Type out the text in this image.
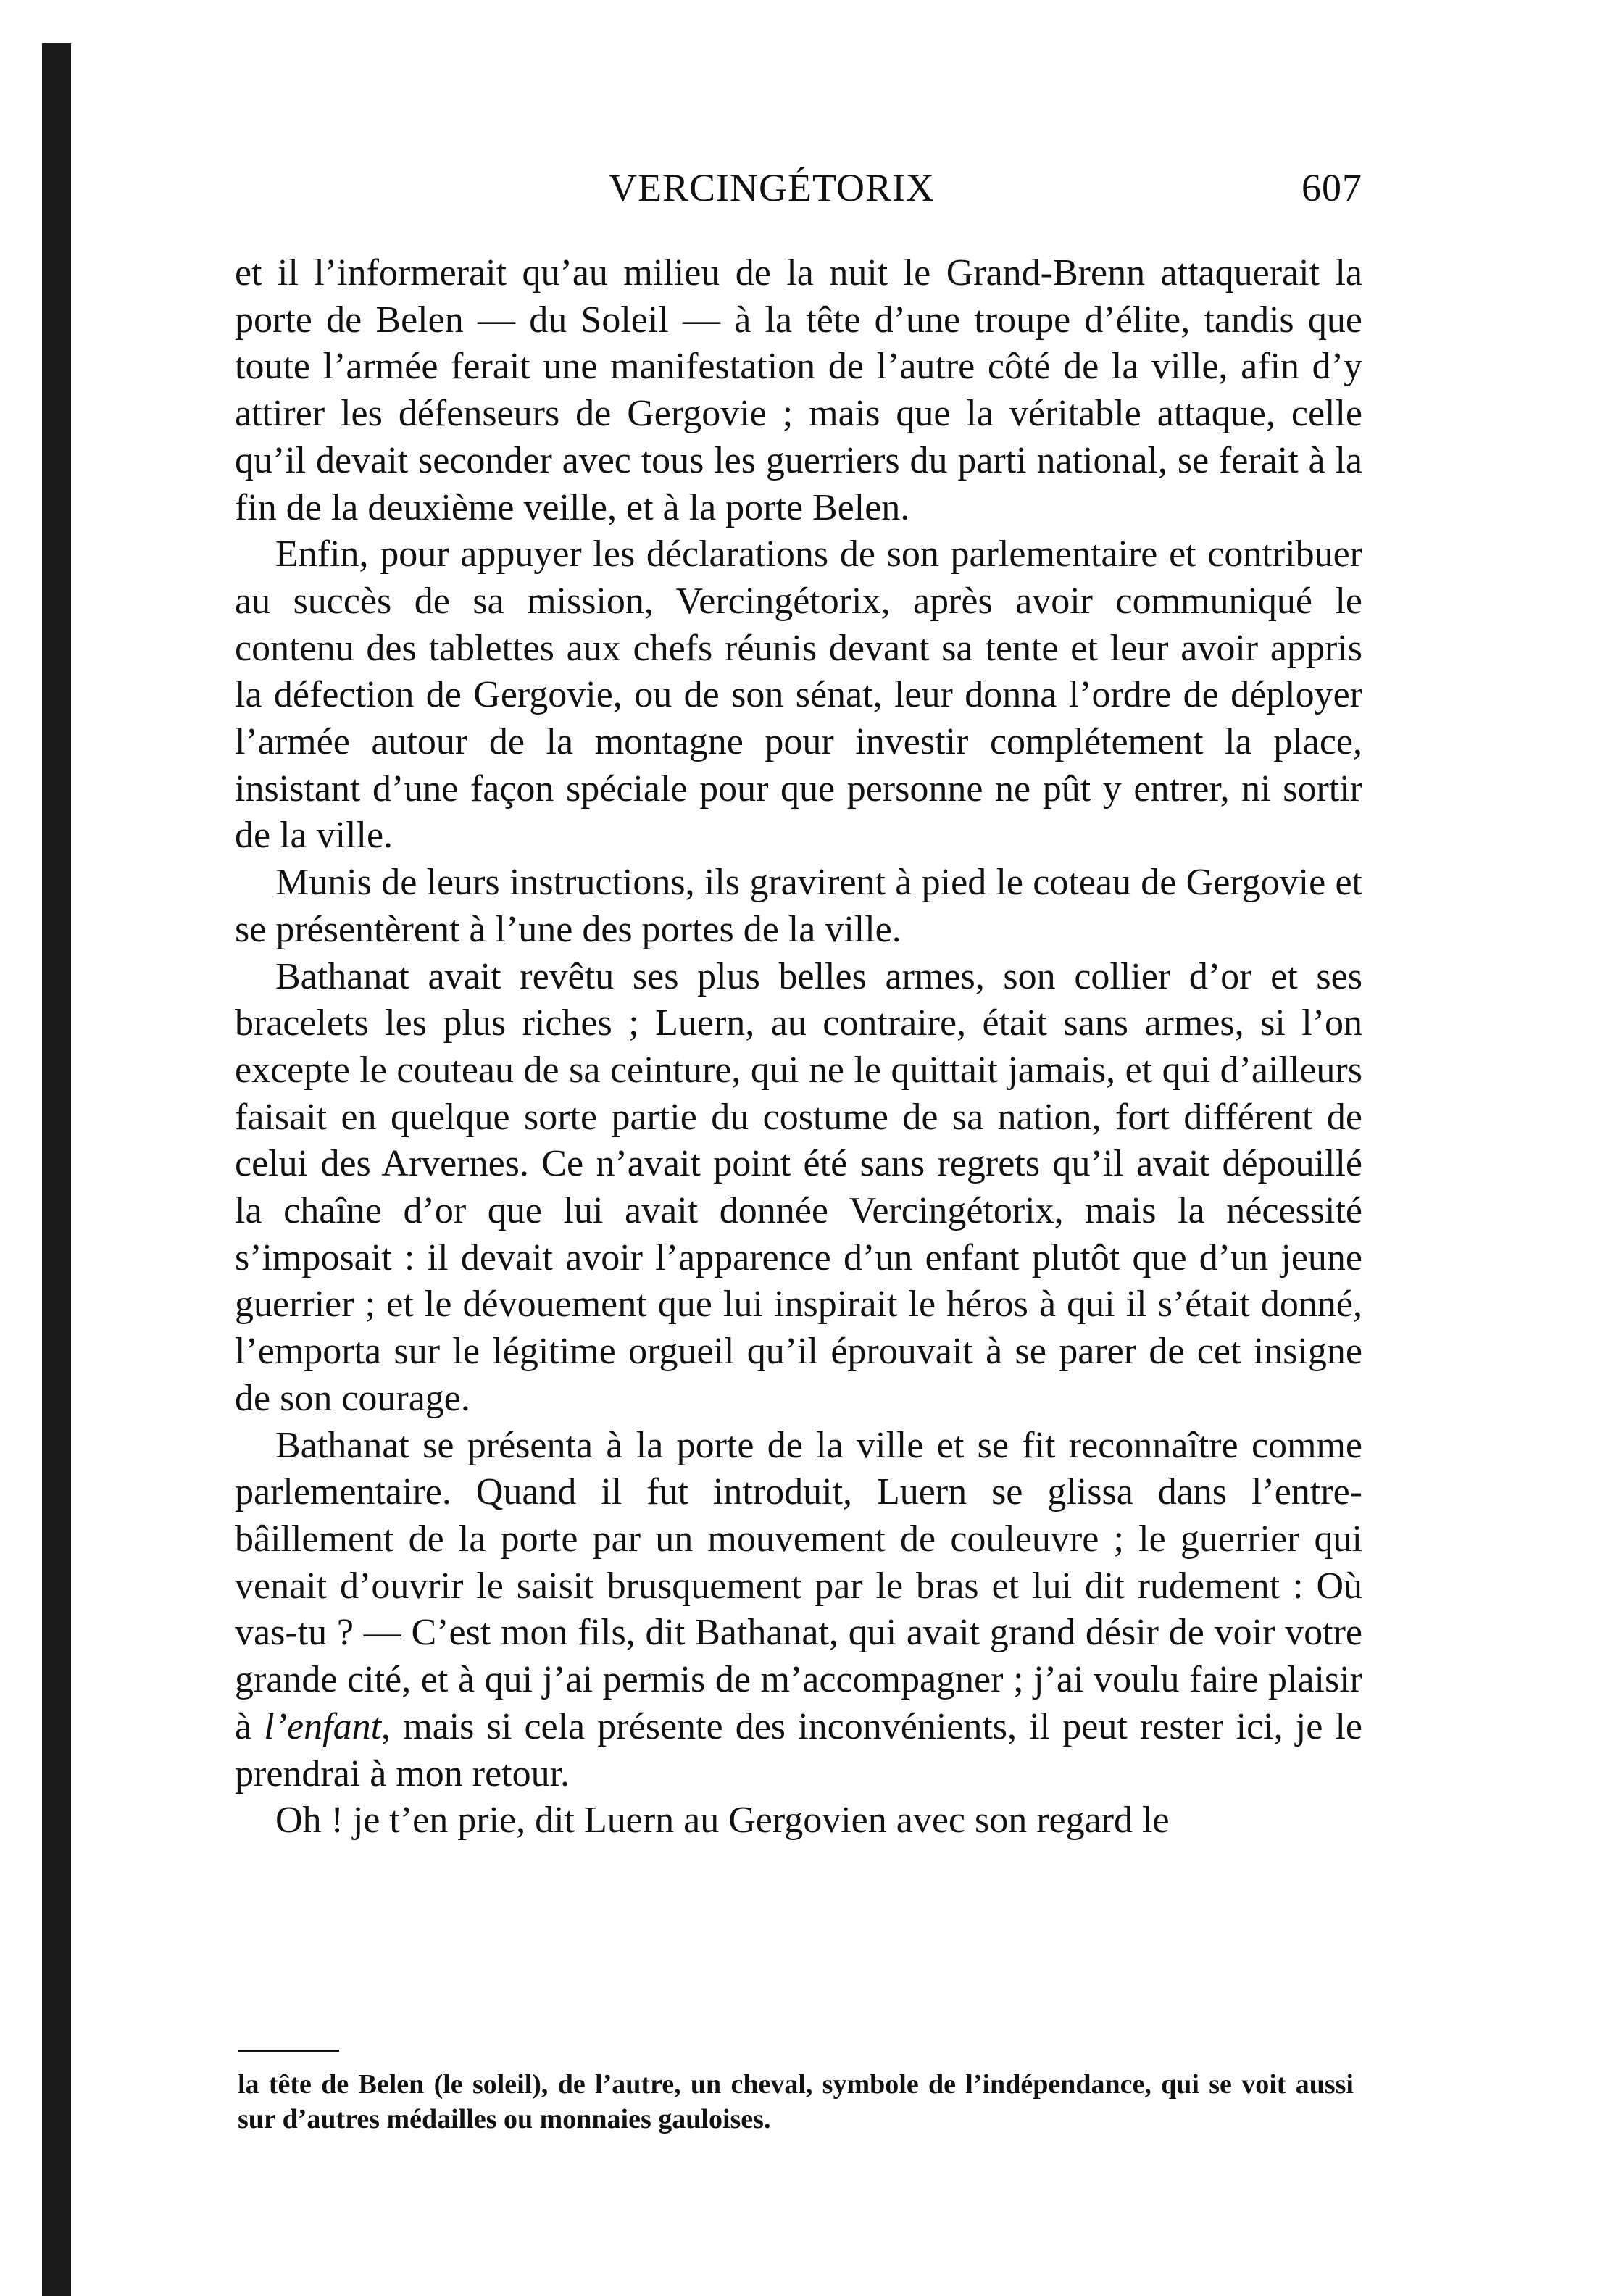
VERCINGÉTORIX	607

et il l’informerait qu’au milieu de la nuit le Grand-Brenn attaquerait la porte de Belen — du Soleil — à la tête d’une troupe d’élite, tandis que toute l’armée ferait une manifestation de l’autre côté de la ville, afin d’y attirer les défenseurs de Gergovie ; mais que la véritable attaque, celle qu’il devait seconder avec tous les guerriers du parti national, se ferait à la fin de la deuxième veille, et à la porte Belen.

Enfin, pour appuyer les déclarations de son parlementaire et contribuer au succès de sa mission, Vercingétorix, après avoir communiqué le contenu des tablettes aux chefs réunis devant sa tente et leur avoir appris la défection de Gergovie, ou de son sénat, leur donna l’ordre de déployer l’armée autour de la montagne pour investir complétement la place, insistant d’une façon spéciale pour que personne ne pût y entrer, ni sortir de la ville.

Munis de leurs instructions, ils gravirent à pied le coteau de Gergovie et se présentèrent à l’une des portes de la ville.

Bathanat avait revêtu ses plus belles armes, son collier d’or et ses bracelets les plus riches ; Luern, au contraire, était sans armes, si l’on excepte le couteau de sa ceinture, qui ne le quittait jamais, et qui d’ailleurs faisait en quelque sorte partie du costume de sa nation, fort différent de celui des Arvernes. Ce n’avait point été sans regrets qu’il avait dépouillé la chaîne d’or que lui avait donnée Vercingétorix, mais la nécessité s’imposait : il devait avoir l’apparence d’un enfant plutôt que d’un jeune guerrier ; et le dévouement que lui inspirait le héros à qui il s’était donné, l’emporta sur le légitime orgueil qu’il éprouvait à se parer de cet insigne de son courage.

Bathanat se présenta à la porte de la ville et se fit reconnaître comme parlementaire. Quand il fut introduit, Luern se glissa dans l’entre-bâillement de la porte par un mouvement de couleuvre ; le guerrier qui venait d’ouvrir le saisit brusquement par le bras et lui dit rudement : Où vas-tu ? — C’est mon fils, dit Bathanat, qui avait grand désir de voir votre grande cité, et à qui j’ai permis de m’accompagner ; j’ai voulu faire plaisir à l’enfant, mais si cela présente des inconvénients, il peut rester ici, je le prendrai à mon retour.

Oh ! je t’en prie, dit Luern au Gergovien avec son regard le

la tête de Belen (le soleil), de l’autre, un cheval, symbole de l’indépendance, qui se voit aussi sur d’autres médailles ou monnaies gauloises.
